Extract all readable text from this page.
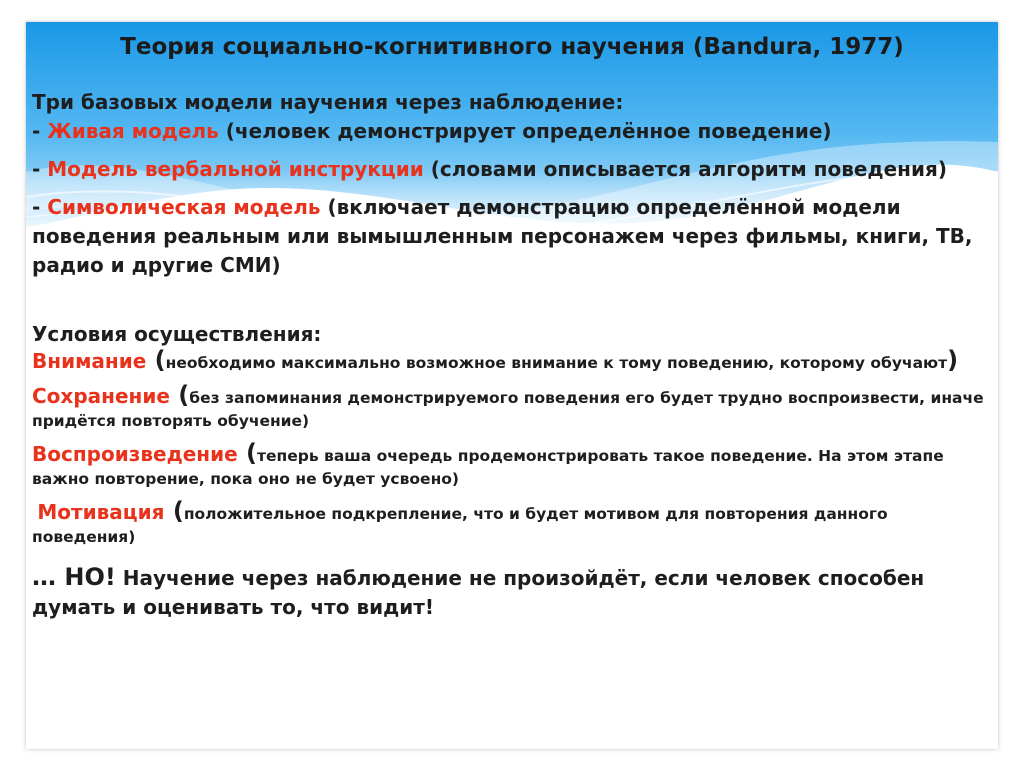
Теория социально-когнитивного научения (Bandura, 1977)

Три базовых модели научения через наблюдение:

- Живая модель (человек демонстрирует определённое поведение)

- Модель вербальной инструкции (словами описывается алгоритм поведения)

- Символическая модель (включает демонстрацию определённой модели поведения реальным или вымышленным персонажем через фильмы, книги, ТВ, радио и другие СМИ)

Условия осуществления:

Внимание (необходимо максимально возможное внимание к тому поведению, которому обучают)

Сохранение (без запоминания демонстрируемого поведения его будет трудно воспроизвести, иначе придётся повторять обучение)

Воспроизведение (теперь ваша очередь продемонстрировать такое поведение. На этом этапе важно повторение, пока оно не будет усвоено)

Мотивация (положительное подкрепление, что и будет мотивом для повторения данного поведения)

… НО! Научение через наблюдение не произойдёт, если человек способен думать и оценивать то, что видит!
